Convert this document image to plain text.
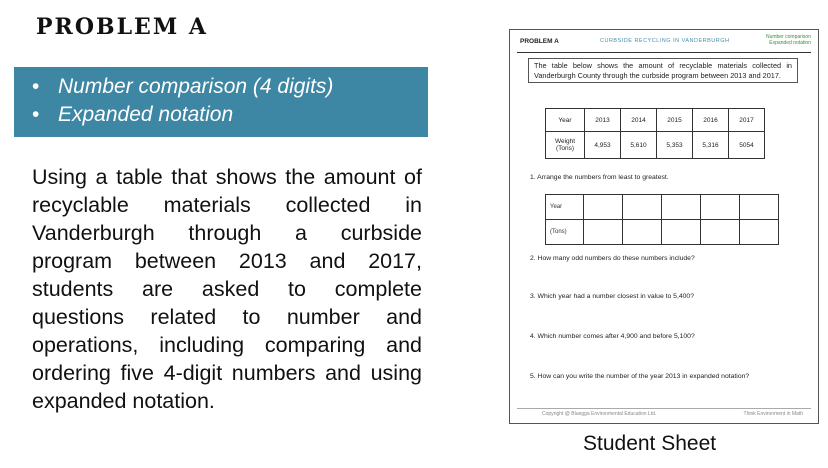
PROBLEM A
• Number comparison (4 digits)
• Expanded notation
Using a table that shows the amount of recyclable materials collected in Vanderburgh through a curbside program between 2013 and 2017, students are asked to complete questions related to number and operations, including comparing and ordering five 4-digit numbers and using expanded notation.
PROBLEM A	CURBSIDE RECYCLING IN VANDERBURGH
Number comparison
Expanded notation
The table below shows the amount of recyclable materials collected in Vanderburgh County through the curbside program between 2013 and 2017.
Year	2013	2014	2015	2016	2017
Weight (Tons)	4,953	5,610	5,353	5,316	5054
1. Arrange the numbers from least to greatest.
Year					
(Tons)					
2. How many odd numbers do these numbers include?
3. Which year had a number closest in value to 5,400?
4. Which number comes after 4,900 and before 5,100?
5. How can you write the number of the year 2013 in expanded notation?
Copyright @ Bluegga Environmental Education Ltd.	Think Environment in Math
Student Sheet
